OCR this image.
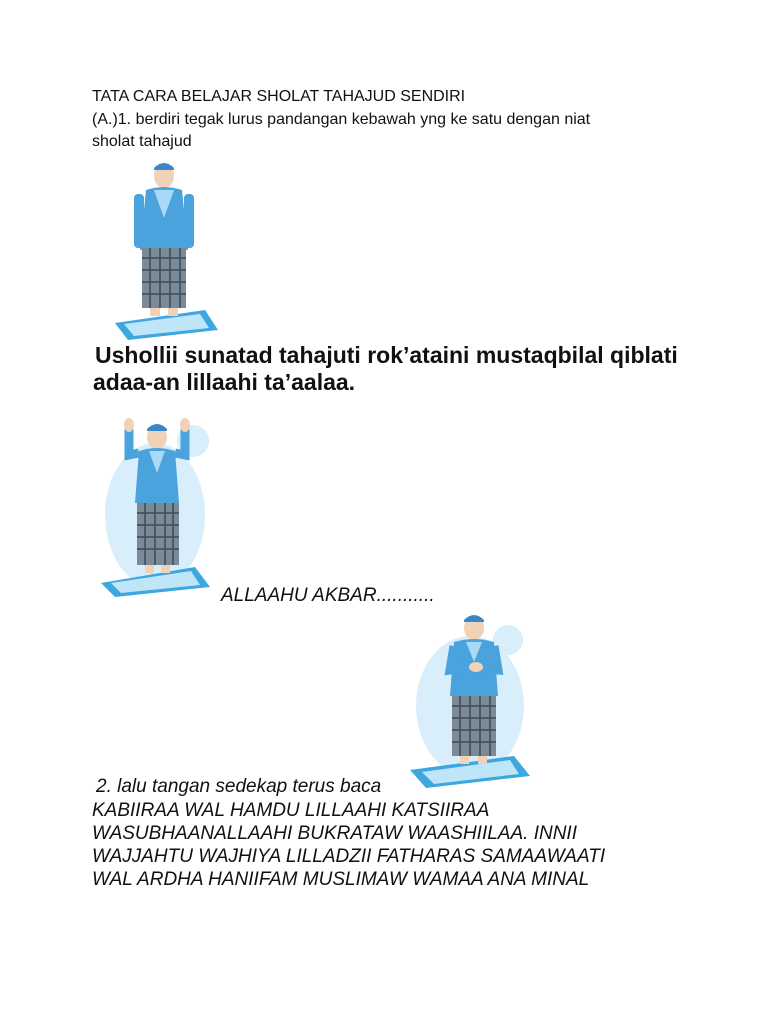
TATA CARA BELAJAR SHOLAT TAHAJUD SENDIRI
(A.)1. berdiri tegak lurus pandangan kebawah yng ke satu dengan niat
sholat tahajud
Ushollii sunatad tahajuti rok’ataini mustaqbilal qiblati
adaa-an lillaahi ta’aalaa.
ALLAAHU AKBAR...........
2. lalu tangan sedekap terus baca
KABIIRAA WAL HAMDU LILLAAHI KATSIIRAA
WASUBHAANALLAAHI BUKRATAW WAASHIILAA. INNII
WAJJAHTU WAJHIYA LILLADZII FATHARAS SAMAAWAATI
WAL ARDHA HANIIFAM MUSLIMAW WAMAA ANA MINAL
